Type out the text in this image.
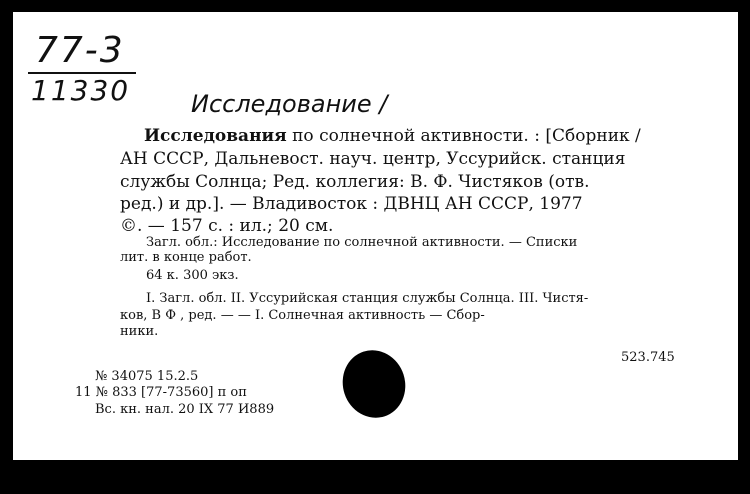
77-3
11330	Исследование /
Исследования по солнечной активности. : [Сборник /
АН СССР, Дальневост. науч. центр, Уссурийск. станция
службы Солнца; Ред. коллегия: В. Ф. Чистяков (отв.
ред.) и др.]. — Владивосток : ДВНЦ АН СССР, 1977
©. — 157 с. : ил.; 20 см.
Загл. обл.: Исследование по солнечной активности. — Списки
лит. в конце работ.
64 к. 300 экз.
I. Загл. обл. II. Уссурийская станция службы Солнца. III. Чистя-
ков, В Ф , ред. — — I. Солнечная активность — Сбор-
ники.
523.745
№ 34075 15.2.5
11 № 833 [77-73560] п оп
Вс. кн. нал. 20 IX 77 И889
